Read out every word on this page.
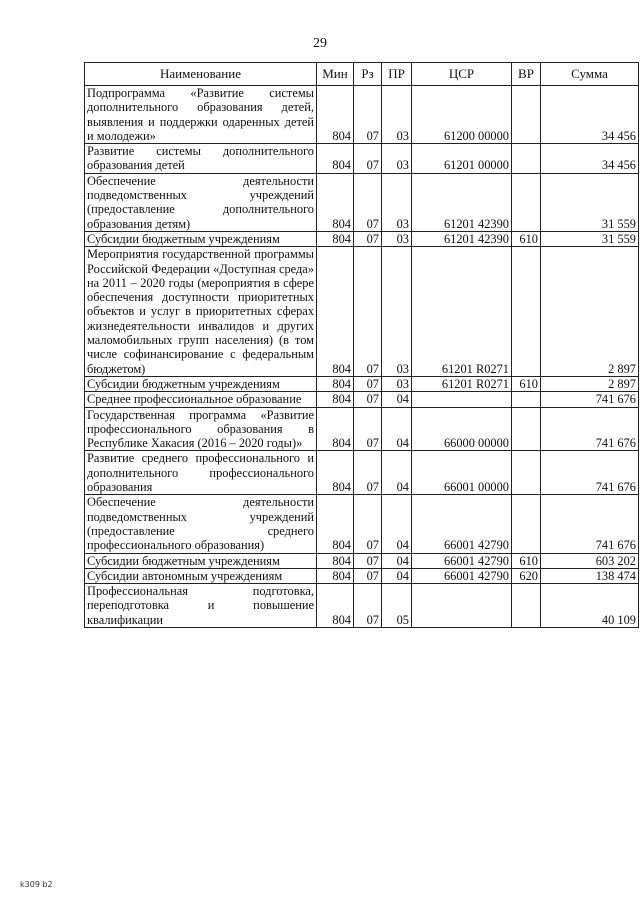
29
Наименование	Мин	Рз	ПР	ЦСР	ВР	Сумма
Подпрограмма «Развитие системы дополнительного образования детей, выявления и поддержки одаренных детей и молодежи»	804	07	03	61200 00000		34 456
Развитие системы дополнительного образования детей	804	07	03	61201 00000		34 456
Обеспечение деятельности подведомственных учреждений (предоставление дополнительного образования детям)	804	07	03	61201 42390		31 559
Субсидии бюджетным учреждениям	804	07	03	61201 42390	610	31 559
Мероприятия государственной программы Российской Федерации «Доступная среда» на 2011 – 2020 годы (мероприятия в сфере обеспечения доступности приоритетных объектов и услуг в приоритетных сферах жизнедеятельности инвалидов и других маломобильных групп населения) (в том числе софинансирование с федеральным бюджетом)	804	07	03	61201 R0271		2 897
Субсидии бюджетным учреждениям	804	07	03	61201 R0271	610	2 897
Среднее профессиональное образование	804	07	04			741 676
Государственная программа «Развитие профессионального образования в Республике Хакасия (2016 – 2020 годы)»	804	07	04	66000 00000		741 676
Развитие среднего профессионального и дополнительного профессионального образования	804	07	04	66001 00000		741 676
Обеспечение деятельности подведомственных учреждений (предоставление среднего профессионального образования)	804	07	04	66001 42790		741 676
Субсидии бюджетным учреждениям	804	07	04	66001 42790	610	603 202
Субсидии автономным учреждениям	804	07	04	66001 42790	620	138 474
Профессиональная подготовка, переподготовка и повышение квалификации	804	07	05			40 109
k309 b2
